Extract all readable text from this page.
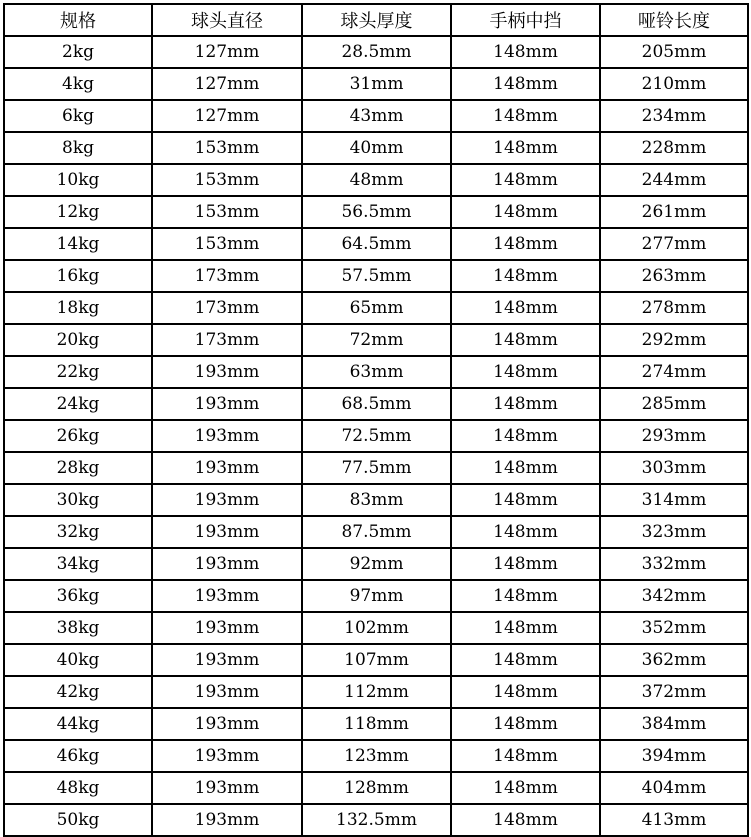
规格	球头直径	球头厚度	手柄中挡	哑铃长度
2kg	127mm	28.5mm	148mm	205mm
4kg	127mm	31mm	148mm	210mm
6kg	127mm	43mm	148mm	234mm
8kg	153mm	40mm	148mm	228mm
10kg	153mm	48mm	148mm	244mm
12kg	153mm	56.5mm	148mm	261mm
14kg	153mm	64.5mm	148mm	277mm
16kg	173mm	57.5mm	148mm	263mm
18kg	173mm	65mm	148mm	278mm
20kg	173mm	72mm	148mm	292mm
22kg	193mm	63mm	148mm	274mm
24kg	193mm	68.5mm	148mm	285mm
26kg	193mm	72.5mm	148mm	293mm
28kg	193mm	77.5mm	148mm	303mm
30kg	193mm	83mm	148mm	314mm
32kg	193mm	87.5mm	148mm	323mm
34kg	193mm	92mm	148mm	332mm
36kg	193mm	97mm	148mm	342mm
38kg	193mm	102mm	148mm	352mm
40kg	193mm	107mm	148mm	362mm
42kg	193mm	112mm	148mm	372mm
44kg	193mm	118mm	148mm	384mm
46kg	193mm	123mm	148mm	394mm
48kg	193mm	128mm	148mm	404mm
50kg	193mm	132.5mm	148mm	413mm
